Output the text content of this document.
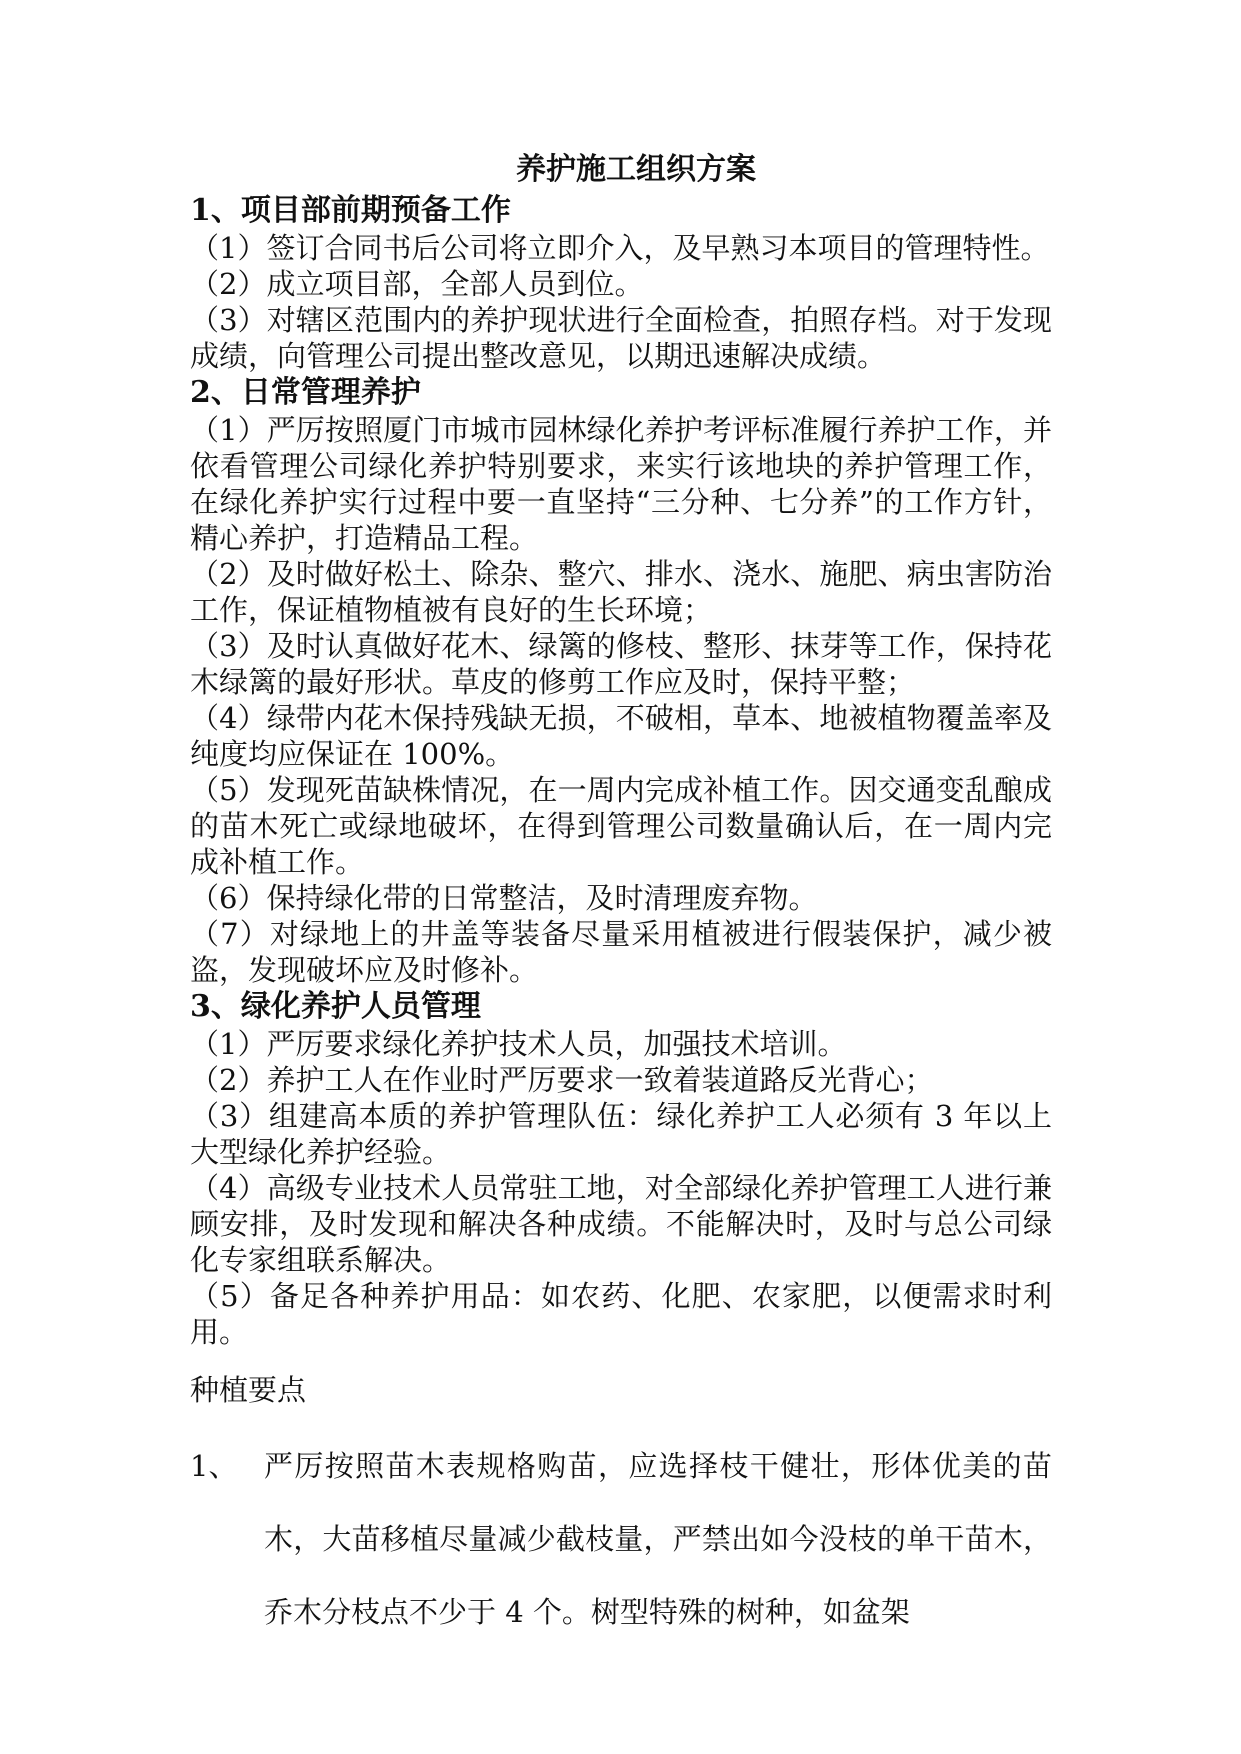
养护施工组织方案
1、项目部前期预备工作

（1）签订合同书后公司将立即介入，及早熟习本项目的管理特性。

（2）成立项目部，全部人员到位。

（3）对辖区范围内的养护现状进行全面检查，拍照存档。对于发现成绩，向管理公司提出整改意见，以期迅速解决成绩。

2、日常管理养护

（1）严厉按照厦门市城市园林绿化养护考评标准履行养护工作，并依看管理公司绿化养护特别要求，来实行该地块的养护管理工作，在绿化养护实行过程中要一直坚持“三分种、七分养”的工作方针，精心养护，打造精品工程。

（2）及时做好松土、除杂、整穴、排水、浇水、施肥、病虫害防治工作，保证植物植被有良好的生长环境；

（3）及时认真做好花木、绿篱的修枝、整形、抹芽等工作，保持花木绿篱的最好形状。草皮的修剪工作应及时，保持平整；

（4）绿带内花木保持残缺无损，不破相，草本、地被植物覆盖率及纯度均应保证在 100%。

（5）发现死苗缺株情况，在一周内完成补植工作。因交通变乱酿成的苗木死亡或绿地破坏，在得到管理公司数量确认后，在一周内完成补植工作。

（6）保持绿化带的日常整洁，及时清理废弃物。

（7）对绿地上的井盖等装备尽量采用植被进行假装保护，减少被盗，发现破坏应及时修补。

3、绿化养护人员管理

（1）严厉要求绿化养护技术人员，加强技术培训。

（2）养护工人在作业时严厉要求一致着装道路反光背心；

（3）组建高本质的养护管理队伍：绿化养护工人必须有 3 年以上大型绿化养护经验。

（4）高级专业技术人员常驻工地，对全部绿化养护管理工人进行兼顾安排，及时发现和解决各种成绩。不能解决时，及时与总公司绿化专家组联系解决。

（5）备足各种养护用品：如农药、化肥、农家肥，以便需求时利用。

种植要点

1、 严厉按照苗木表规格购苗，应选择枝干健壮，形体优美的苗木，大苗移植尽量减少截枝量，严禁出如今没枝的单干苗木，乔木分枝点不少于 4 个。树型特殊的树种，如盆架
